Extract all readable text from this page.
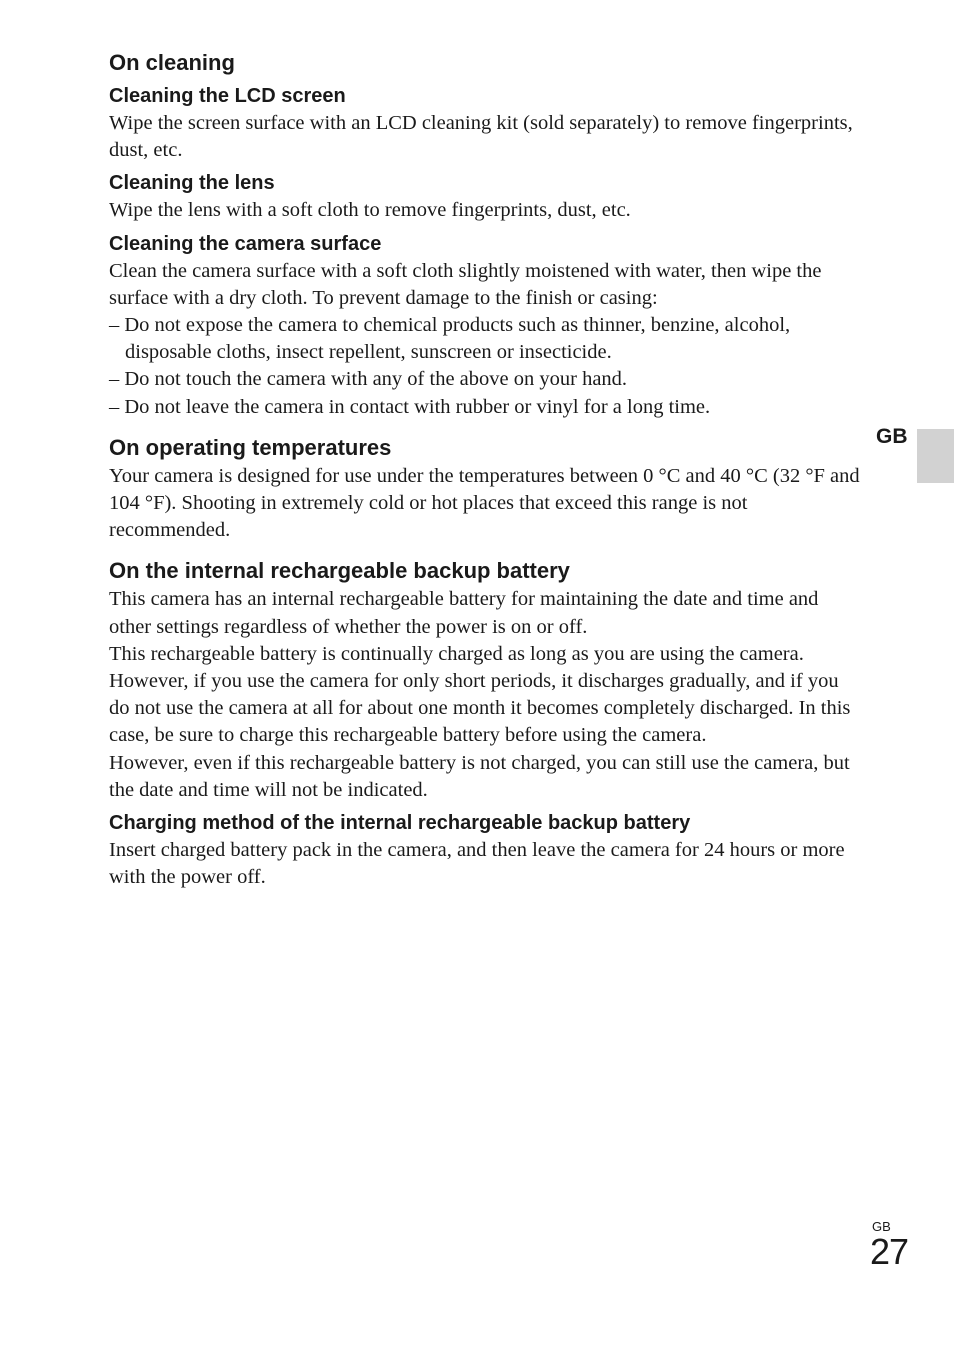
On cleaning
Cleaning the LCD screen

Wipe the screen surface with an LCD cleaning kit (sold separately) to remove fingerprints, dust, etc.

Cleaning the lens

Wipe the lens with a soft cloth to remove fingerprints, dust, etc.

Cleaning the camera surface

Clean the camera surface with a soft cloth slightly moistened with water, then wipe the surface with a dry cloth. To prevent damage to the finish or casing:

– Do not expose the camera to chemical products such as thinner, benzine, alcohol, disposable cloths, insect repellent, sunscreen or insecticide.

– Do not touch the camera with any of the above on your hand.

– Do not leave the camera in contact with rubber or vinyl for a long time.

On operating temperatures

Your camera is designed for use under the temperatures between 0 °C and 40 °C (32 °F and 104 °F). Shooting in extremely cold or hot places that exceed this range is not recommended.

On the internal rechargeable backup battery

This camera has an internal rechargeable battery for maintaining the date and time and other settings regardless of whether the power is on or off.

This rechargeable battery is continually charged as long as you are using the camera. However, if you use the camera for only short periods, it discharges gradually, and if you do not use the camera at all for about one month it becomes completely discharged. In this case, be sure to charge this rechargeable battery before using the camera.

However, even if this rechargeable battery is not charged, you can still use the camera, but the date and time will not be indicated.

Charging method of the internal rechargeable backup battery

Insert charged battery pack in the camera, and then leave the camera for 24 hours or more with the power off.

GB
GB
27
